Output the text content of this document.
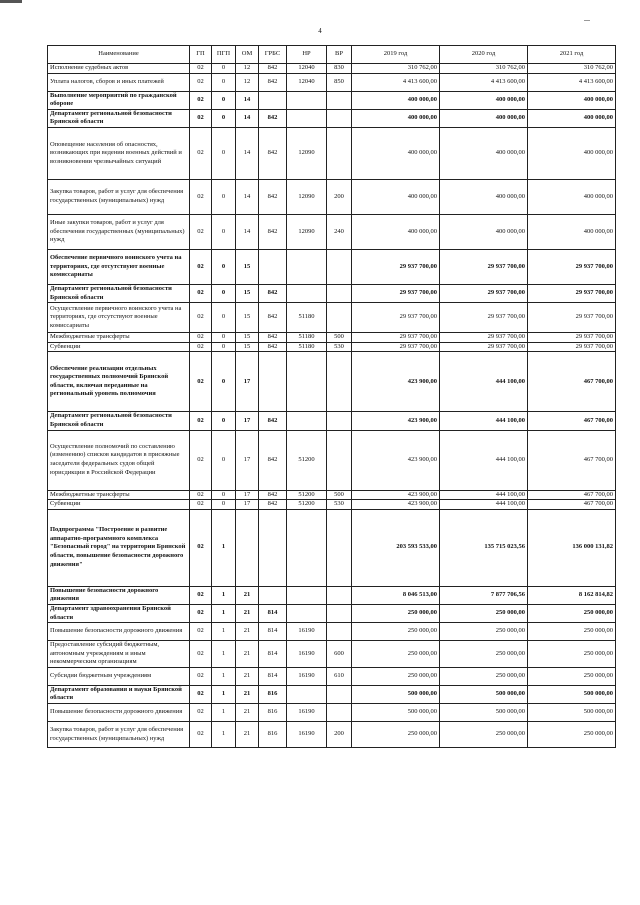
4
Наименование	ГП	ПГП	ОМ	ГРБС	НР	ВР	2019 год	2020 год	2021 год
Исполнение судебных актов	02	0	12	842	12040	830	310 762,00	310 762,00	310 762,00
Уплата налогов, сборов и иных платежей	02	0	12	842	12040	850	4 413 600,00	4 413 600,00	4 413 600,00
Выполнение мероприятий по гражданской обороне	02	0	14				400 000,00	400 000,00	400 000,00
Департамент региональной безопасности Брянской области	02	0	14	842			400 000,00	400 000,00	400 000,00
Оповещение населения об опасностях, возникающих при ведении военных действий и возникновении чрезвычайных ситуаций	02	0	14	842	12090		400 000,00	400 000,00	400 000,00
Закупка товаров, работ и услуг для обеспечения государственных (муниципальных) нужд	02	0	14	842	12090	200	400 000,00	400 000,00	400 000,00
Иные закупки товаров, работ и услуг для обеспечения государственных (муниципальных) нужд	02	0	14	842	12090	240	400 000,00	400 000,00	400 000,00
Обеспечение первичного воинского учета на территориях, где отсутствуют военные комиссариаты	02	0	15				29 937 700,00	29 937 700,00	29 937 700,00
Департамент региональной безопасности Брянской области	02	0	15	842			29 937 700,00	29 937 700,00	29 937 700,00
Осуществление первичного воинского учета на территориях, где отсутствуют военные комиссариаты	02	0	15	842	51180		29 937 700,00	29 937 700,00	29 937 700,00
Межбюджетные трансферты	02	0	15	842	51180	500	29 937 700,00	29 937 700,00	29 937 700,00
Субвенции	02	0	15	842	51180	530	29 937 700,00	29 937 700,00	29 937 700,00
Обеспечение реализации отдельных государственных полномочий Брянской области, включая переданные на региональный уровень полномочия	02	0	17				423 900,00	444 100,00	467 700,00
Департамент региональной безопасности Брянской области	02	0	17	842			423 900,00	444 100,00	467 700,00
Осуществление полномочий по составлению (изменению) списков кандидатов в присяжные заседатели федеральных судов общей юрисдикции в Российской Федерации	02	0	17	842	51200		423 900,00	444 100,00	467 700,00
Межбюджетные трансферты	02	0	17	842	51200	500	423 900,00	444 100,00	467 700,00
Субвенции	02	0	17	842	51200	530	423 900,00	444 100,00	467 700,00
Подпрограмма "Построение и развитие аппаратно-программного комплекса "Безопасный город" на территории Брянской области, повышение безопасности дорожного движения"	02	1					203 593 533,00	135 715 023,56	136 000 131,82
Повышение безопасности дорожного движения	02	1	21				8 046 513,00	7 877 706,56	8 162 814,82
Департамент здравоохранения Брянской области	02	1	21	814			250 000,00	250 000,00	250 000,00
Повышение безопасности дорожного движения	02	1	21	814	16190		250 000,00	250 000,00	250 000,00
Предоставление субсидий бюджетным, автономным учреждениям и иным некоммерческим организациям	02	1	21	814	16190	600	250 000,00	250 000,00	250 000,00
Субсидии бюджетным учреждениям	02	1	21	814	16190	610	250 000,00	250 000,00	250 000,00
Департамент образования и науки Брянской области	02	1	21	816			500 000,00	500 000,00	500 000,00
Повышение безопасности дорожного движения	02	1	21	816	16190		500 000,00	500 000,00	500 000,00
Закупка товаров, работ и услуг для обеспечения государственных (муниципальных) нужд	02	1	21	816	16190	200	250 000,00	250 000,00	250 000,00
